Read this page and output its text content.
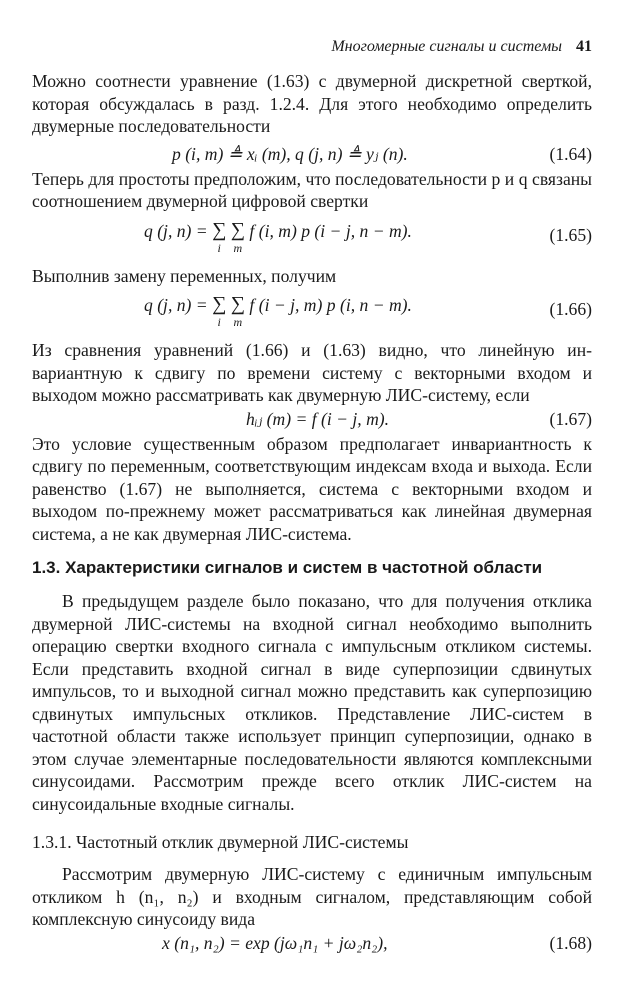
Многомерные сигналы и системы 41

Можно соотнести уравнение (1.63) с двумерной дискретной сверткой, которая обсуждалась в разд. 1.2.4. Для этого необходимо определить двумерные последовательности

p (i, m) ≜ xᵢ (m), q (j, n) ≜ yⱼ (n).	(1.64)

Теперь для простоты предположим, что последовательности p и q связаны соотношением двумерной цифровой свертки

q (j, n) = ∑
i

∑
m
f (i, m) p (i − j, n − m).	(1.65)

Выполнив замену переменных, получим

q (j, n) = ∑
i

∑
m
f (i − j, m) p (i, n − m).	(1.66)

Из сравнения уравнений (1.66) и (1.63) видно, что линейную инвариантную к сдвигу по времени систему с векторными входом и выходом можно рассматривать как двумерную ЛИС-систему, если

hᵢⱼ (m) = f (i − j, m).	(1.67)

Это условие существенным образом предполагает инвариантность к сдвигу по переменным, соответствующим индексам входа и выхода. Если равенство (1.67) не выполняется, система с векторными входом и выходом по-прежнему может рассматриваться как линейная двумерная система, а не как двумерная ЛИС-система.

1.3. Характеристики сигналов и систем в частотной области

В предыдущем разделе было показано, что для получения отклика двумерной ЛИС-системы на входной сигнал необходимо выполнить операцию свертки входного сигнала с импульсным откликом системы. Если представить входной сигнал в виде суперпозиции сдвинутых импульсов, то и выходной сигнал можно представить как суперпозицию сдвинутых импульсных откликов. Представление ЛИС-систем в частотной области также использует принцип суперпозиции, однако в этом случае элементарные последовательности являются комплексными синусоидами. Рассмотрим прежде всего отклик ЛИС-систем на синусоидальные входные сигналы.

1.3.1. Частотный отклик двумерной ЛИС-системы

Рассмотрим двумерную ЛИС-систему с единичным импульсным откликом h (n₁, n₂) и входным сигналом, представляющим собой комплексную синусоиду вида

x (n₁, n₂) = exp (jω₁n₁ + jω₂n₂),	(1.68)
